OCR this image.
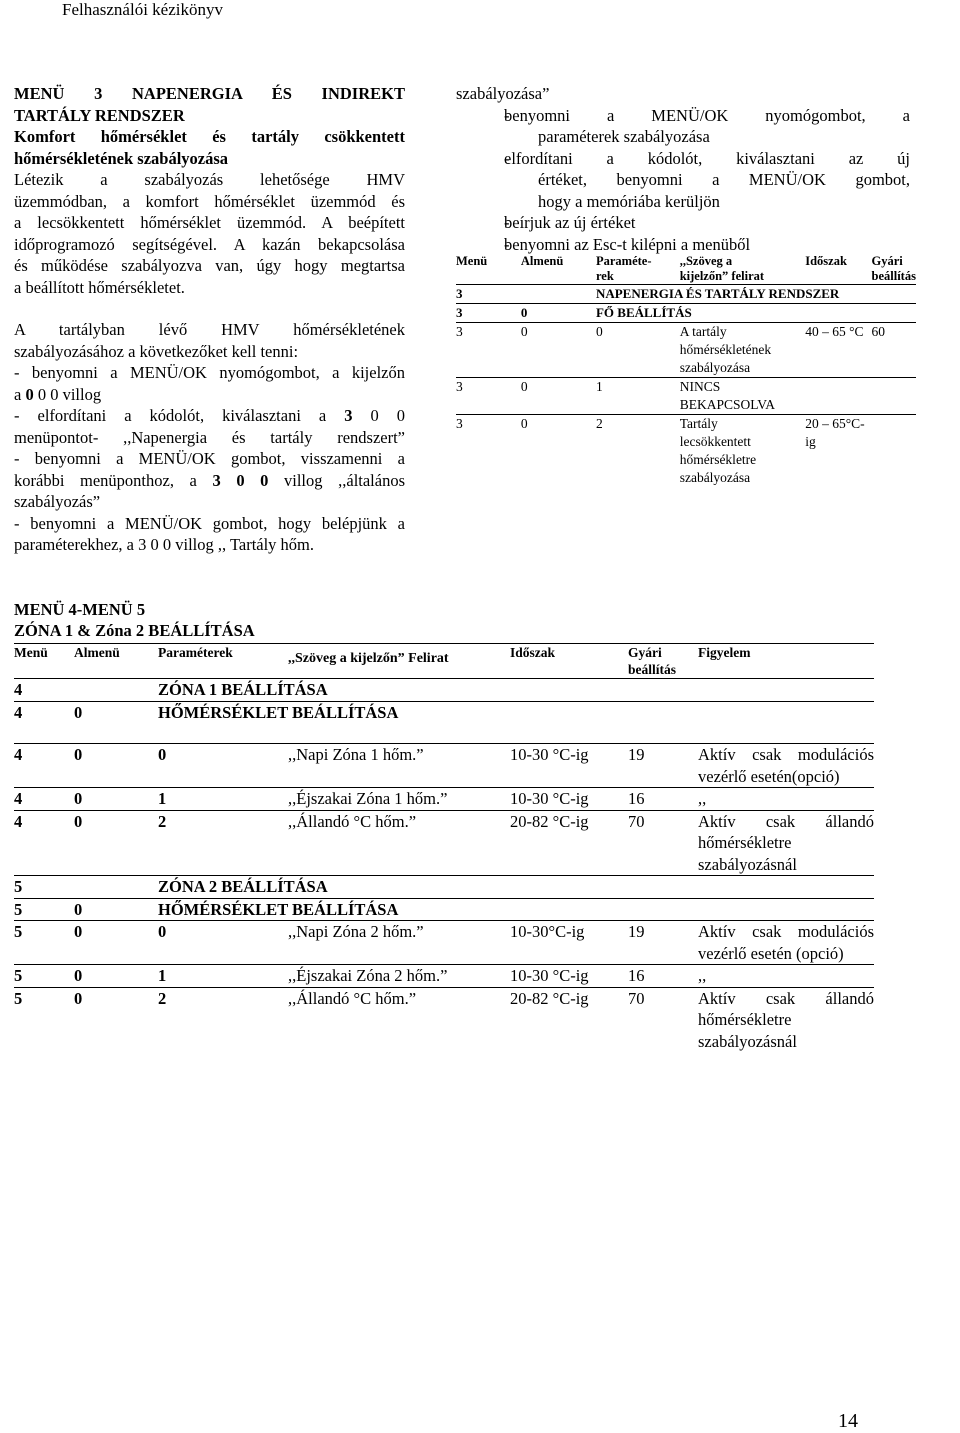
Felhasználói kézikönyv
MENÜ 3 NAPENERGIA ÉS INDIREKT
TARTÁLY RENDSZER
Komfort hőmérséklet és tartály csökkentett
hőmérsékletének szabályozása
Létezik a szabályozás lehetősége HMV
üzemmódban, a komfort hőmérséklet üzemmód és
a lecsökkentett hőmérséklet üzemmód. A beépített
időprogramozó segítségével. A kazán bekapcsolása
és működése szabályozva van, úgy hogy megtartsa
a beállított hőmérsékletet.
A tartályban lévő HMV hőmérsékletének
szabályozásához a következőket kell tenni:
- benyomni a MENÜ/OK nyomógombot, a kijelzőn
a 0 0 0 villog
- elfordítani a kódolót, kiválasztani a 3 0 0
menüpontot- ,,Napenergia és tartály rendszert”
- benyomni a MENÜ/OK gombot, visszamenni a
korábbi menüponthoz, a 3 0 0 villog ,,általános
szabályozás”
- benyomni a MENÜ/OK gombot, hogy belépjünk a
paraméterekhez, a 3 0 0 villog ,, Tartály hőm.
szabályozása”
-
benyomni a MENÜ/OK nyomógombot, a
paraméterek szabályozása
-
elfordítani a kódolót, kiválasztani az új
értéket, benyomni a MENÜ/OK gombot,
hogy a memóriába kerüljön
-
beírjuk az új értéket
-
benyomni az Esc-t kilépni a menüből
Menü	Almenü	Paraméte-
rek	,,Szöveg a
kijelzőn” felirat	Időszak	Gyári
beállítás
3		NAPENERGIA ÉS TARTÁLY RENDSZER			
3	0	FŐ BEÁLLÍTÁS			
3	0	0	A tartály hőmérsékletének szabályozása	40 – 65 °C	60
3	0	1	NINCS BEKAPCSOLVA		
3	0	2	Tartály lecsökkentett hőmérsékletre szabályozása	20 – 65°C-ig	
MENÜ 4-MENÜ 5
ZÓNA 1 & Zóna 2 BEÁLLÍTÁSA
Menü	Almenü	Paraméterek	,,Szöveg a kijelzőn” Felirat	Időszak	Gyári
beállítás	Figyelem	
4		ZÓNA 1 BEÁLLÍTÁSA					
4	0	HŐMÉRSÉKLET BEÁLLÍTÁSA					

4	0	0	,,Napi Zóna 1 hőm.”	10-30 °C-ig	19	Aktív csak modulációs vezérlő esetén(opció)	
4	0	1	,,Éjszakai Zóna 1 hőm.”	10-30 °C-ig	16	,,	
4	0	2	,,Állandó °C hőm.”	20-82 °C-ig	70	Aktív csak állandó hőmérsékletre szabályozásnál	
5		ZÓNA 2 BEÁLLÍTÁSA					
5	0	HŐMÉRSÉKLET BEÁLLÍTÁSA					
5	0	0	,,Napi Zóna 2 hőm.”	10-30°C-ig	19	Aktív csak modulációs vezérlő esetén (opció)	
5	0	1	,,Éjszakai Zóna 2 hőm.”	10-30 °C-ig	16	,,	
5	0	2	,,Állandó °C hőm.”	20-82 °C-ig	70	Aktív csak állandó hőmérsékletre szabályozásnál	
14
